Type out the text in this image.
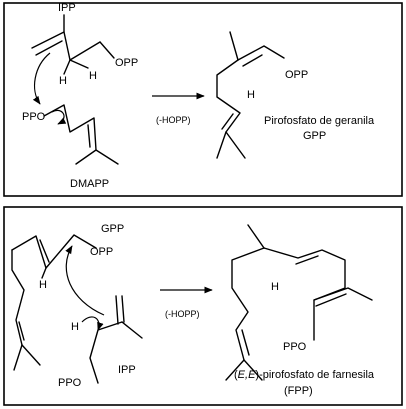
IPP
OPP
H H
PPO
DMAPP
(-HOPP)
H
OPP
Pirofosfato de geranila
GPP
GPP
OPP
H
H
PPO
IPP
(-HOPP)
H
PPO
(E,E)-pirofosfato de farnesila
(FPP)
